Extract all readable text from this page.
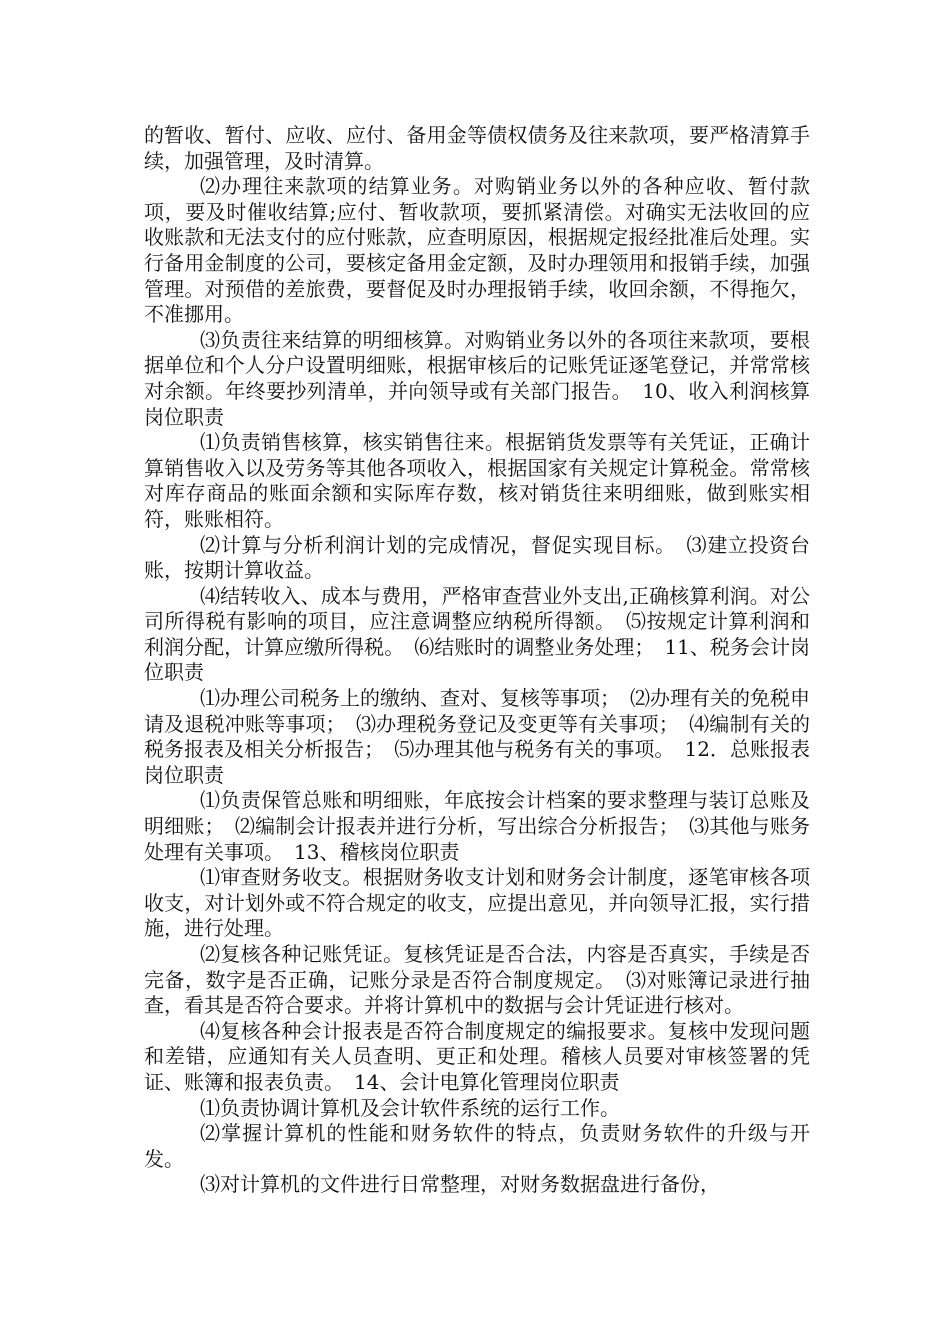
的暂收、暂付、应收、应付、备用金等债权债务及往来款项，要严格清算手续，加强管理，及时清算。

⑵办理往来款项的结算业务。对购销业务以外的各种应收、暂付款项，要及时催收结算;应付、暂收款项，要抓紧清偿。对确实无法收回的应收账款和无法支付的应付账款，应查明原因，根据规定报经批准后处理。实行备用金制度的公司，要核定备用金定额，及时办理领用和报销手续，加强管理。对预借的差旅费，要督促及时办理报销手续，收回余额，不得拖欠，不准挪用。

⑶负责往来结算的明细核算。对购销业务以外的各项往来款项，要根据单位和个人分户设置明细账，根据审核后的记账凭证逐笔登记，并常常核对余额。年终要抄列清单，并向领导或有关部门报告。　10、收入利润核算岗位职责

⑴负责销售核算，核实销售往来。根据销货发票等有关凭证，正确计算销售收入以及劳务等其他各项收入，根据国家有关规定计算税金。常常核对库存商品的账面余额和实际库存数，核对销货往来明细账，做到账实相符，账账相符。

⑵计算与分析利润计划的完成情况，督促实现目标。　⑶建立投资台账，按期计算收益。

⑷结转收入、成本与费用，严格审查营业外支出,正确核算利润。对公司所得税有影响的项目，应注意调整应纳税所得额。　⑸按规定计算利润和利润分配，计算应缴所得税。　⑹结账时的调整业务处理；　11、税务会计岗位职责

⑴办理公司税务上的缴纳、查对、复核等事项；　⑵办理有关的免税申请及退税冲账等事项；　⑶办理税务登记及变更等有关事项；　⑷编制有关的税务报表及相关分析报告；　⑸办理其他与税务有关的事项。　12．总账报表岗位职责

⑴负责保管总账和明细账，年底按会计档案的要求整理与装订总账及明细账；　⑵编制会计报表并进行分析，写出综合分析报告；　⑶其他与账务处理有关事项。　13、稽核岗位职责

⑴审查财务收支。根据财务收支计划和财务会计制度，逐笔审核各项收支，对计划外或不符合规定的收支，应提出意见，并向领导汇报，实行措施，进行处理。

⑵复核各种记账凭证。复核凭证是否合法，内容是否真实，手续是否完备，数字是否正确，记账分录是否符合制度规定。　⑶对账簿记录进行抽查，看其是否符合要求。并将计算机中的数据与会计凭证进行核对。

⑷复核各种会计报表是否符合制度规定的编报要求。复核中发现问题和差错，应通知有关人员查明、更正和处理。稽核人员要对审核签署的凭证、账簿和报表负责。　14、会计电算化管理岗位职责

⑴负责协调计算机及会计软件系统的运行工作。

⑵掌握计算机的性能和财务软件的特点，负责财务软件的升级与开发。

⑶对计算机的文件进行日常整理，对财务数据盘进行备份，
